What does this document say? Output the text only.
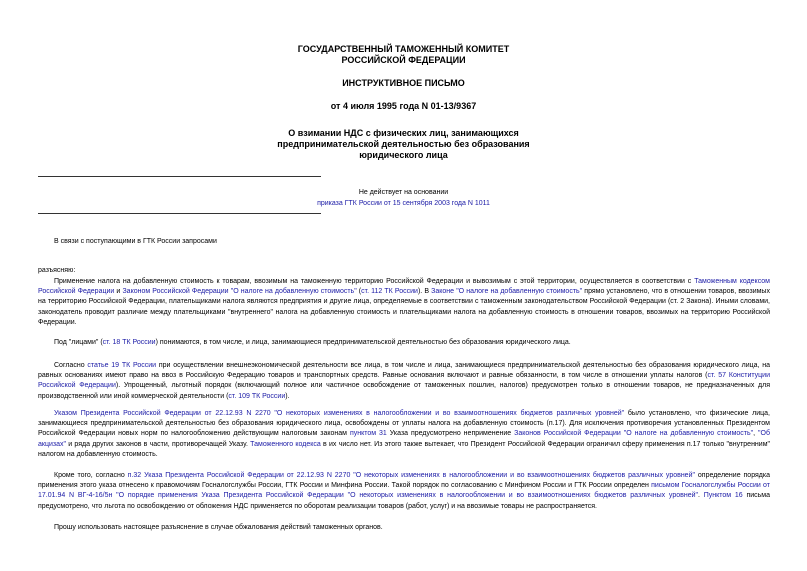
ГОСУДАРСТВЕННЫЙ ТАМОЖЕННЫЙ КОМИТЕТ
РОССИЙСКОЙ ФЕДЕРАЦИИ
ИНСТРУКТИВНОЕ ПИСЬМО
от 4 июля 1995 года N 01-13/9367
О взимании НДС с физических лиц, занимающихся
предпринимательской деятельностью без образования
юридического лица
Не действует на основании
приказа ГТК России от 15 сентября 2003 года N 1011

В связи с поступающими в ГТК России запросами

разъясняю:

Применение налога на добавленную стоимость к товарам, ввозимым на таможенную территорию Российской Федерации и вывозимым с этой территории, осуществляется в соответствии с Таможенным кодексом Российской Федерации и Законом Российской Федерации "О налоге на добавленную стоимость" (ст. 112 ТК России). В Законе "О налоге на добавленную стоимость" прямо установлено, что в отношении товаров, ввозимых на территорию Российской Федерации, плательщиками налога являются предприятия и другие лица, определяемые в соответствии с таможенным законодательством Российской Федерации (ст. 2 Закона). Иными словами, законодатель проводит различие между плательщиками "внутреннего" налога на добавленную стоимость и плательщиками налога на добавленную стоимость в отношении товаров, ввозимых на территорию Российской Федерации.

Под "лицами" (ст. 18 ТК России) понимаются, в том числе, и лица, занимающиеся предпринимательской деятельностью без образования юридического лица.

Согласно статье 19 ТК России при осуществлении внешнеэкономической деятельности все лица, в том числе и лица, занимающиеся предпринимательской деятельностью без образования юридического лица, на равных основаниях имеют право на ввоз в Российскую Федерацию товаров и транспортных средств. Равные основания включают и равные обязанности, в том числе в отношении уплаты налогов (ст. 57 Конституции Российской Федерации). Упрощенный, льготный порядок (включающий полное или частичное освобождение от таможенных пошлин, налогов) предусмотрен только в отношении товаров, не предназначенных для производственной или иной коммерческой деятельности (ст. 109 ТК России).

Указом Президента Российской Федерации от 22.12.93 N 2270 "О некоторых изменениях в налогообложении и во взаимоотношениях бюджетов различных уровней" было установлено, что физические лица, занимающиеся предпринимательской деятельностью без образования юридического лица, освобождены от уплаты налога на добавленную стоимость (п.17). Для исключения противоречия установленных Президентом Российской Федерации новых норм по налогообложению действующим налоговым законам пунктом 31 Указа предусмотрено неприменение Законов Российской Федерации "О налоге на добавленную стоимость", "Об акцизах" и ряда других законов в части, противоречащей Указу. Таможенного кодекса в их число нет. Из этого также вытекает, что Президент Российской Федерации ограничил сферу применения п.17 только "внутренним" налогом на добавленную стоимость.

Кроме того, согласно п.32 Указа Президента Российской Федерации от 22.12.93 N 2270 "О некоторых изменениях в налогообложении и во взаимоотношениях бюджетов различных уровней" определение порядка применения этого указа отнесено к правомочиям Госналогслужбы России, ГТК России и Минфина России. Такой порядок по согласованию с Минфином России и ГТК России определен письмом Госналогслужбы России от 17.01.94 N ВГ-4-16/5н "О порядке применения Указа Президента Российской Федерации "О некоторых изменениях в налогообложении и во взаимоотношениях бюджетов различных уровней". Пунктом 16 письма предусмотрено, что льгота по освобождению от обложения НДС применяется по оборотам реализации товаров (работ, услуг) и на ввозимые товары не распространяется.

Прошу использовать настоящее разъяснение в случае обжалования действий таможенных органов.
